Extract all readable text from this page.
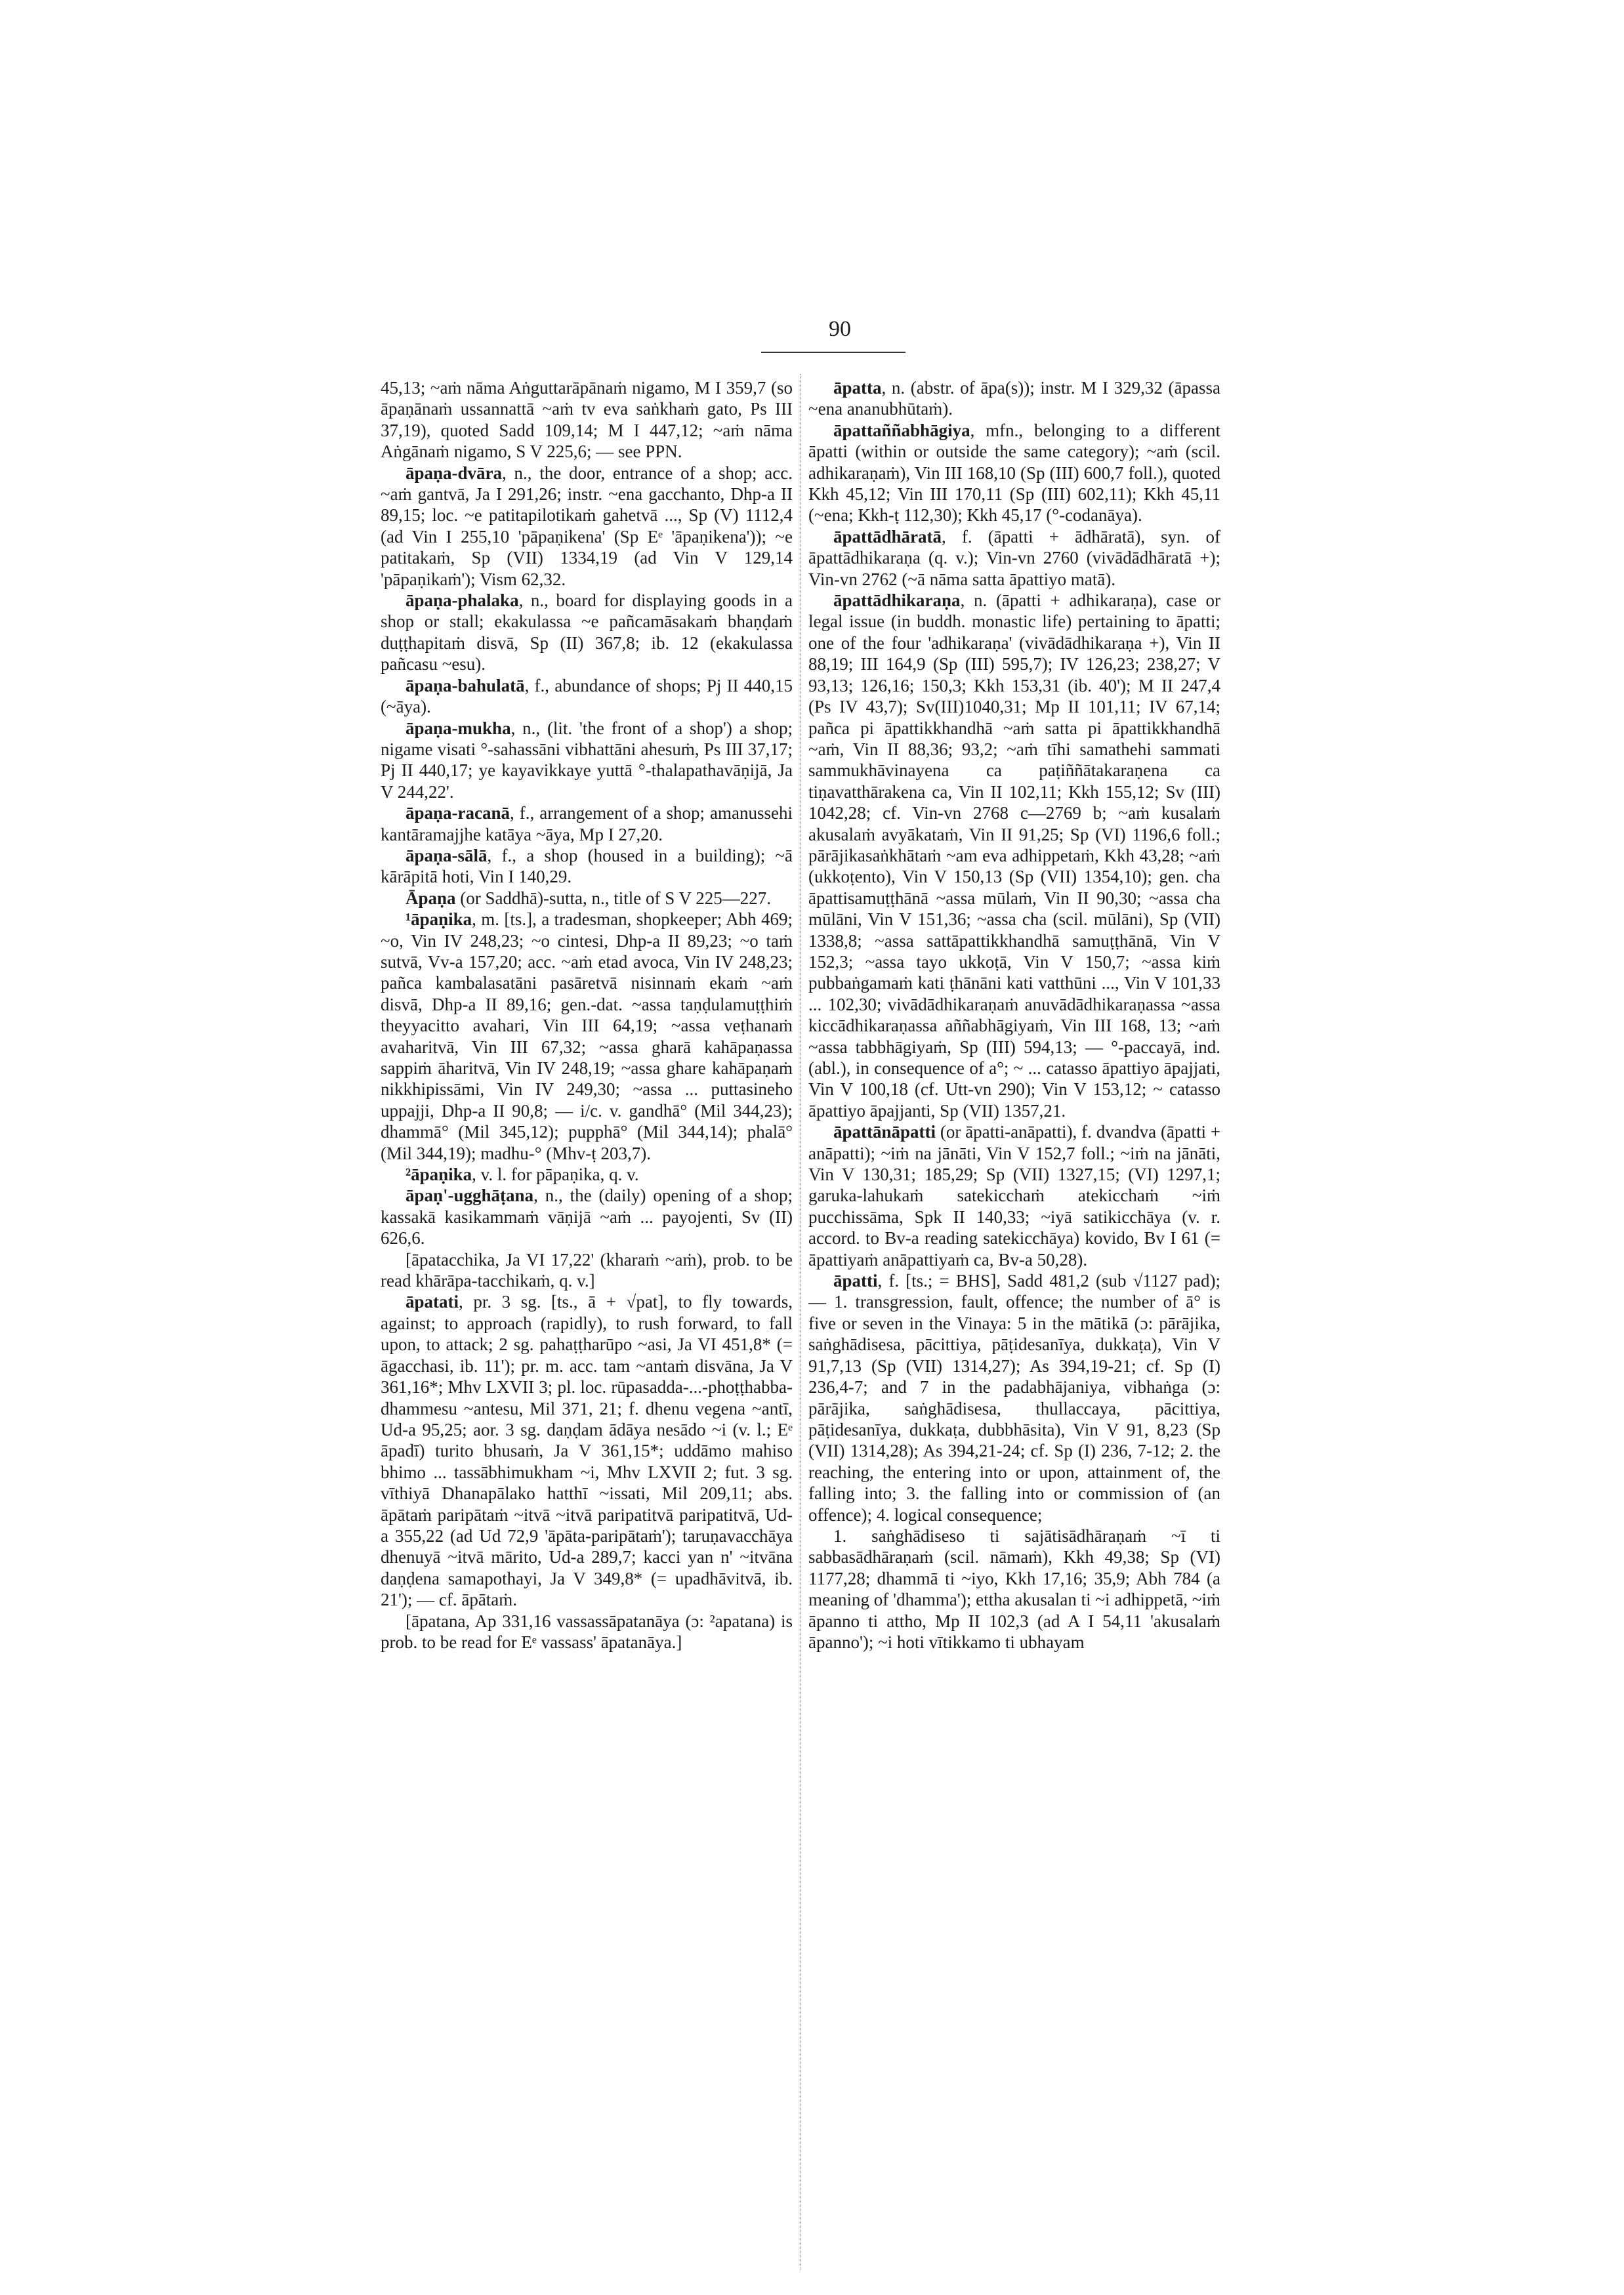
90
45,13; ~aṁ nāma Aṅguttarāpānaṁ nigamo, M I 359,7 (so āpaṇānaṁ ussannattā ~aṁ tv eva saṅkhaṁ gato, Ps III 37,19), quoted Sadd 109,14; M I 447,12; ~aṁ nāma Aṅgānaṁ nigamo, S V 225,6; — see PPN.
āpaṇa-dvāra, n., the door, entrance of a shop; acc. ~aṁ gantvā, Ja I 291,26; instr. ~ena gacchanto, Dhp-a II 89,15; loc. ~e patitapilotikaṁ gahetvā ..., Sp (V) 1112,4 (ad Vin I 255,10 'pāpaṇikena' (Sp Eᵉ 'āpaṇikena')); ~e patitakaṁ, Sp (VII) 1334,19 (ad Vin V 129,14 'pāpaṇikaṁ'); Vism 62,32.
āpaṇa-phalaka, n., board for displaying goods in a shop or stall; ekakulassa ~e pañcamāsakaṁ bhaṇḍaṁ duṭṭhapitaṁ disvā, Sp (II) 367,8; ib. 12 (ekakulassa pañcasu ~esu).
āpaṇa-bahulatā, f., abundance of shops; Pj II 440,15 (~āya).
āpaṇa-mukha, n., (lit. 'the front of a shop') a shop; nigame visati °-sahassāni vibhattāni ahesuṁ, Ps III 37,17; Pj II 440,17; ye kayavikkaye yuttā °-thalapathavāṇijā, Ja V 244,22'.
āpaṇa-racanā, f., arrangement of a shop; amanussehi kantāramajjhe katāya ~āya, Mp I 27,20.
āpaṇa-sālā, f., a shop (housed in a building); ~ā kārāpitā hoti, Vin I 140,29.
Āpaṇa (or Saddhā)-sutta, n., title of S V 225—227.
¹āpaṇika, m. [ts.], a tradesman, shopkeeper; Abh 469; ~o, Vin IV 248,23; ~o cintesi, Dhp-a II 89,23; ~o taṁ sutvā, Vv-a 157,20; acc. ~aṁ etad avoca, Vin IV 248,23; pañca kambalasatāni pasāretvā nisinnaṁ ekaṁ ~aṁ disvā, Dhp-a II 89,16; gen.-dat. ~assa taṇḍulamuṭṭhiṁ theyyacitto avahari, Vin III 64,19; ~assa veṭhanaṁ avaharitvā, Vin III 67,32; ~assa gharā kahāpaṇassa sappiṁ āharitvā, Vin IV 248,19; ~assa ghare kahāpaṇaṁ nikkhipissāmi, Vin IV 249,30; ~assa ... puttasineho uppajji, Dhp-a II 90,8; — i/c. v. gandhā° (Mil 344,23); dhammā° (Mil 345,12); pupphā° (Mil 344,14); phalā° (Mil 344,19); madhu-° (Mhv-ṭ 203,7).
²āpaṇika, v. l. for pāpaṇika, q. v.
āpaṇ'-ugghāṭana, n., the (daily) opening of a shop; kassakā kasikammaṁ vāṇijā ~aṁ ... payojenti, Sv (II) 626,6.
[āpatacchika, Ja VI 17,22' (kharaṁ ~aṁ), prob. to be read khārāpa-tacchikaṁ, q. v.]
āpatati, pr. 3 sg. [ts., ā + √pat], to fly towards, against; to approach (rapidly), to rush forward, to fall upon, to attack; 2 sg. pahaṭṭharūpo ~asi, Ja VI 451,8* (= āgacchasi, ib. 11'); pr. m. acc. tam ~antaṁ disvāna, Ja V 361,16*; Mhv LXVII 3; pl. loc. rūpasadda-...-phoṭṭhabba-dhammesu ~antesu, Mil 371, 21; f. dhenu vegena ~antī, Ud-a 95,25; aor. 3 sg. daṇḍam ādāya nesādo ~i (v. l.; Eᵉ āpadī) turito bhusaṁ, Ja V 361,15*; uddāmo mahiso bhimo ... tassābhimukham ~i, Mhv LXVII 2; fut. 3 sg. vīthiyā Dhanapālako hatthī ~issati, Mil 209,11; abs. āpātaṁ paripātaṁ ~itvā ~itvā paripatitvā paripatitvā, Ud-a 355,22 (ad Ud 72,9 'āpāta-paripātaṁ'); taruṇavacchāya dhenuyā ~itvā mārito, Ud-a 289,7; kacci yan n' ~itvāna daṇḍena samapothayi, Ja V 349,8* (= upadhāvitvā, ib. 21'); — cf. āpātaṁ.
[āpatana, Ap 331,16 vassassāpatanāya (ɔ: ²apatana) is prob. to be read for Eᵉ vassass' āpatanāya.]
āpatta, n. (abstr. of āpa(s)); instr. M I 329,32 (āpassa ~ena ananubhūtaṁ).
āpattaññabhāgiya, mfn., belonging to a different āpatti (within or outside the same category); ~aṁ (scil. adhikaraṇaṁ), Vin III 168,10 (Sp (III) 600,7 foll.), quoted Kkh 45,12; Vin III 170,11 (Sp (III) 602,11); Kkh 45,11 (~ena; Kkh-ṭ 112,30); Kkh 45,17 (°-codanāya).
āpattādhāratā, f. (āpatti + ādhāratā), syn. of āpattādhikaraṇa (q. v.); Vin-vn 2760 (vivādādhāratā +); Vin-vn 2762 (~ā nāma satta āpattiyo matā).
āpattādhikaraṇa, n. (āpatti + adhikaraṇa), case or legal issue (in buddh. monastic life) pertaining to āpatti; one of the four 'adhikaraṇa' (vivādādhikaraṇa +), Vin II 88,19; III 164,9 (Sp (III) 595,7); IV 126,23; 238,27; V 93,13; 126,16; 150,3; Kkh 153,31 (ib. 40'); M II 247,4 (Ps IV 43,7); Sv(III)1040,31; Mp II 101,11; IV 67,14; pañca pi āpattikkhandhā ~aṁ satta pi āpattikkhandhā ~aṁ, Vin II 88,36; 93,2; ~aṁ tīhi samathehi sammati sammukhāvinayena ca paṭiññātakaraṇena ca tiṇavatthārakena ca, Vin II 102,11; Kkh 155,12; Sv (III) 1042,28; cf. Vin-vn 2768 c—2769 b; ~aṁ kusalaṁ akusalaṁ avyākataṁ, Vin II 91,25; Sp (VI) 1196,6 foll.; pārājikasaṅkhātaṁ ~am eva adhippetaṁ, Kkh 43,28; ~aṁ (ukkoṭento), Vin V 150,13 (Sp (VII) 1354,10); gen. cha āpattisamuṭṭhānā ~assa mūlaṁ, Vin II 90,30; ~assa cha mūlāni, Vin V 151,36; ~assa cha (scil. mūlāni), Sp (VII) 1338,8; ~assa sattāpattikkhandhā samuṭṭhānā, Vin V 152,3; ~assa tayo ukkoṭā, Vin V 150,7; ~assa kiṁ pubbaṅgamaṁ kati ṭhānāni kati vatthūni ..., Vin V 101,33 ... 102,30; vivādādhikaraṇaṁ anuvādādhikaraṇassa ~assa kiccādhikaraṇassa aññabhāgiyaṁ, Vin III 168, 13; ~aṁ ~assa tabbhāgiyaṁ, Sp (III) 594,13; — °-paccayā, ind. (abl.), in consequence of a°; ~ ... catasso āpattiyo āpajjati, Vin V 100,18 (cf. Utt-vn 290); Vin V 153,12; ~ catasso āpattiyo āpajjanti, Sp (VII) 1357,21.
āpattānāpatti (or āpatti-anāpatti), f. dvandva (āpatti + anāpatti); ~iṁ na jānāti, Vin V 152,7 foll.; ~iṁ na jānāti, Vin V 130,31; 185,29; Sp (VII) 1327,15; (VI) 1297,1; garuka-lahukaṁ satekicchaṁ atekicchaṁ ~iṁ pucchissāma, Spk II 140,33; ~iyā satikicchāya (v. r. accord. to Bv-a reading satekicchāya) kovido, Bv I 61 (= āpattiyaṁ anāpattiyaṁ ca, Bv-a 50,28).
āpatti, f. [ts.; = BHS], Sadd 481,2 (sub √1127 pad); — 1. transgression, fault, offence; the number of ā° is five or seven in the Vinaya: 5 in the mātikā (ɔ: pārājika, saṅghādisesa, pācittiya, pāṭidesanīya, dukkaṭa), Vin V 91,7,13 (Sp (VII) 1314,27); As 394,19-21; cf. Sp (I) 236,4-7; and 7 in the padabhājaniya, vibhaṅga (ɔ: pārājika, saṅghādisesa, thullaccaya, pācittiya, pāṭidesanīya, dukkaṭa, dubbhāsita), Vin V 91, 8,23 (Sp (VII) 1314,28); As 394,21-24; cf. Sp (I) 236, 7-12; 2. the reaching, the entering into or upon, attainment of, the falling into; 3. the falling into or commission of (an offence); 4. logical consequence;
1. saṅghādiseso ti sajātisādhāraṇaṁ ~ī ti sabbasādhāraṇaṁ (scil. nāmaṁ), Kkh 49,38; Sp (VI) 1177,28; dhammā ti ~iyo, Kkh 17,16; 35,9; Abh 784 (a meaning of 'dhamma'); ettha akusalan ti ~i adhippetā, ~iṁ āpanno ti attho, Mp II 102,3 (ad A I 54,11 'akusalaṁ āpanno'); ~i hoti vītikkamo ti ubhayam
